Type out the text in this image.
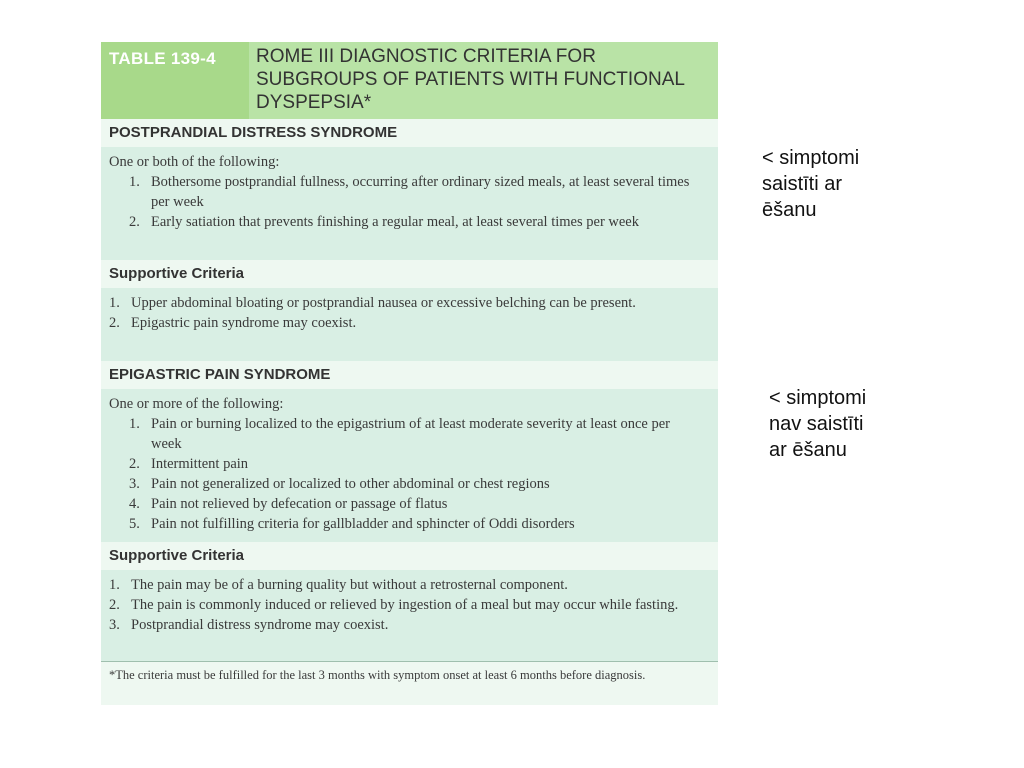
TABLE 139-4	ROME III DIAGNOSTIC CRITERIA FOR SUBGROUPS OF PATIENTS WITH FUNCTIONAL DYSPEPSIA*
POSTPRANDIAL DISTRESS SYNDROME

One or both of the following:

1. Bothersome postprandial fullness, occurring after ordinary sized meals, at least several times per week
2. Early satiation that prevents finishing a regular meal, at least several times per week
Supportive Criteria
1. Upper abdominal bloating or postprandial nausea or excessive belching can be present.
2. Epigastric pain syndrome may coexist.
EPIGASTRIC PAIN SYNDROME

One or more of the following:

1. Pain or burning localized to the epigastrium of at least moderate severity at least once per week
2. Intermittent pain
3. Pain not generalized or localized to other abdominal or chest regions
4. Pain not relieved by defecation or passage of flatus
5. Pain not fulfilling criteria for gallbladder and sphincter of Oddi disorders
Supportive Criteria
1. The pain may be of a burning quality but without a retrosternal component.
2. The pain is commonly induced or relieved by ingestion of a meal but may occur while fasting.
3. Postprandial distress syndrome may coexist.
*The criteria must be fulfilled for the last 3 months with symptom onset at least 6 months before diagnosis.
< simptomi
saistīti ar
ēšanu
< simptomi
nav saistīti
ar ēšanu
